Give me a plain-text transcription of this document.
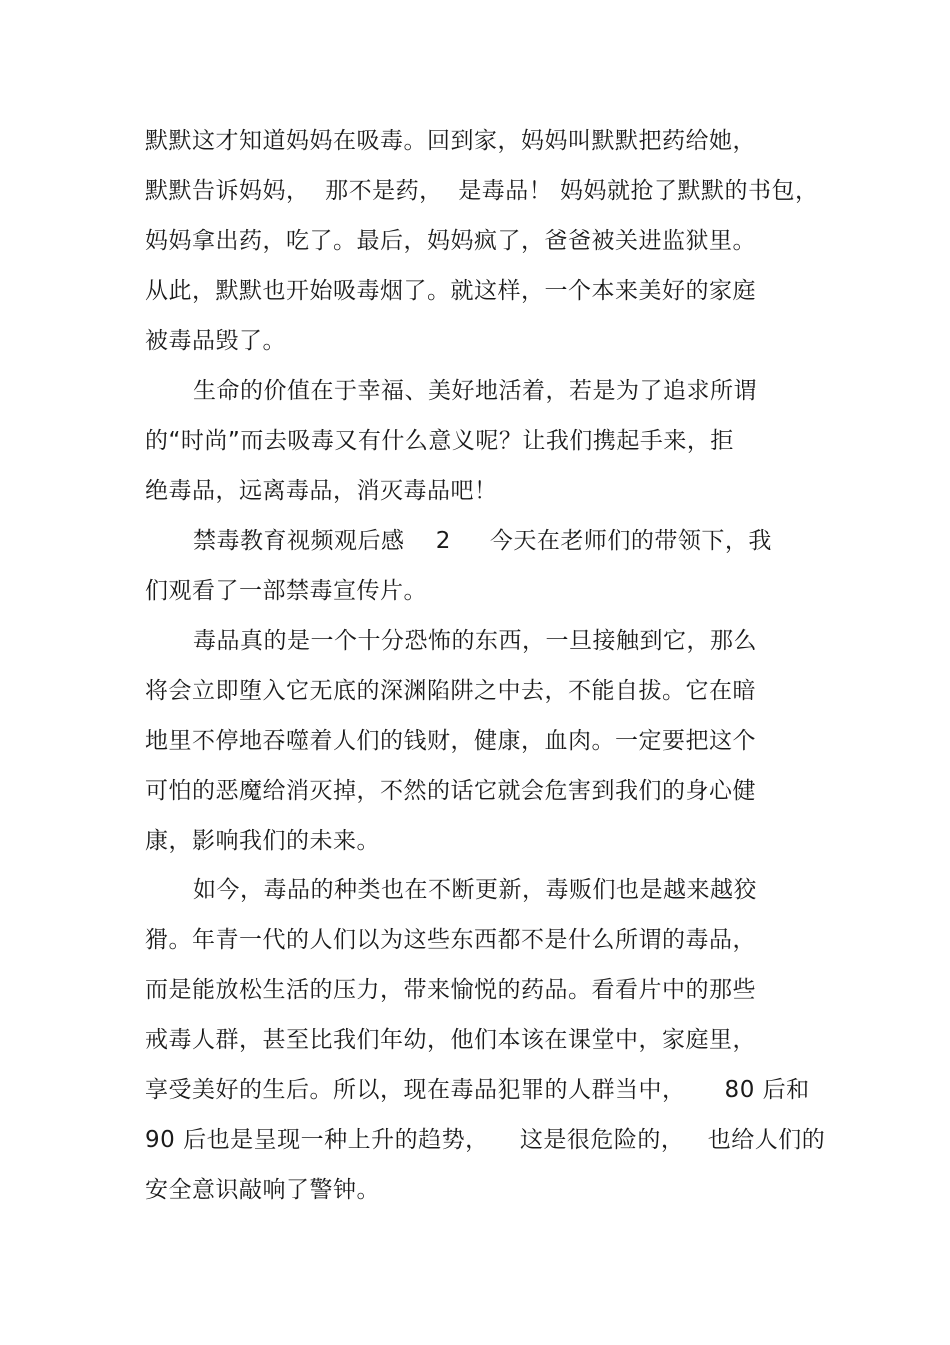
默默这才知道妈妈在吸毒。回到家，妈妈叫默默把药给她，
默默告诉妈妈，  那不是药，  是毒品！ 妈妈就抢了默默的书包，
妈妈拿出药，吃了。最后，妈妈疯了，爸爸被关进监狱里。
从此，默默也开始吸毒烟了。就这样，一个本来美好的家庭
被毒品毁了。
生命的价值在于幸福、美好地活着，若是为了追求所谓
的“时尚”而去吸毒又有什么意义呢？让我们携起手来，拒
绝毒品，远离毒品，消灭毒品吧！
禁毒教育视频观后感    2     今天在老师们的带领下，我
们观看了一部禁毒宣传片。
毒品真的是一个十分恐怖的东西，一旦接触到它，那么
将会立即堕入它无底的深渊陷阱之中去，不能自拔。它在暗
地里不停地吞噬着人们的钱财，健康，血肉。一定要把这个
可怕的恶魔给消灭掉，不然的话它就会危害到我们的身心健
康，影响我们的未来。
如今，毒品的种类也在不断更新，毒贩们也是越来越狡
猾。年青一代的人们以为这些东西都不是什么所谓的毒品，
而是能放松生活的压力，带来愉悦的药品。看看片中的那些
戒毒人群，甚至比我们年幼，他们本该在课堂中，家庭里，
享受美好的生后。所以，现在毒品犯罪的人群当中，     80 后和
90 后也是呈现一种上升的趋势，    这是很危险的，   也给人们的
安全意识敲响了警钟。
